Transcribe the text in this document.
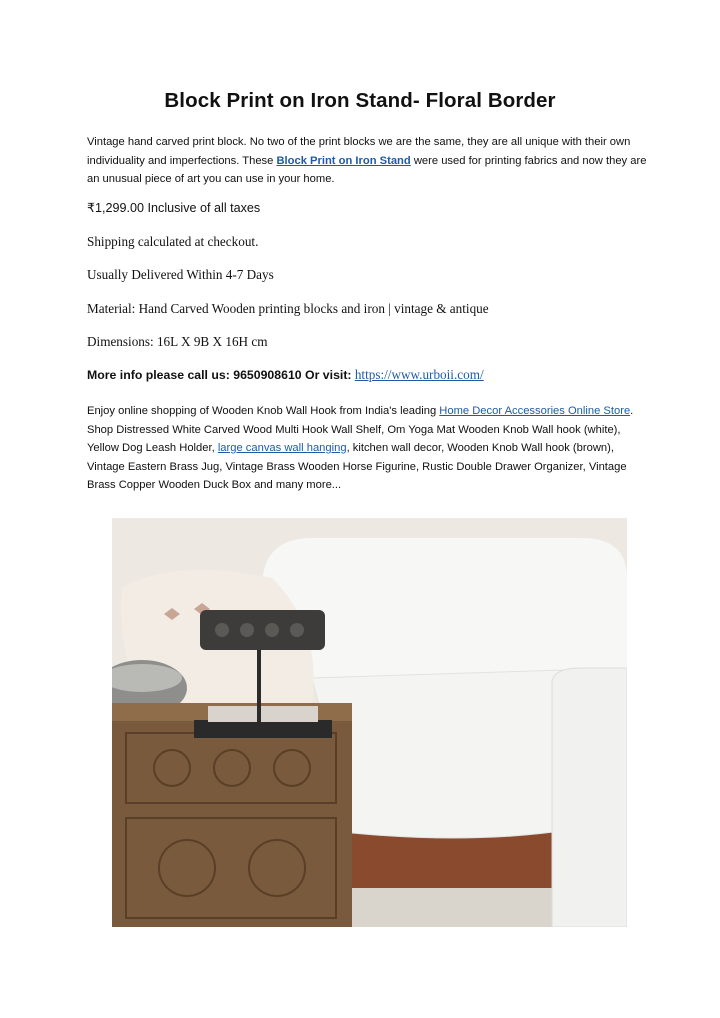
Block Print on Iron Stand- Floral Border
Vintage hand carved print block. No two of the print blocks we are the same, they are all unique with their own individuality and imperfections. These Block Print on Iron Stand were used for printing fabrics and now they are an unusual piece of art you can use in your home.
₹1,299.00 Inclusive of all taxes
Shipping calculated at checkout.
Usually Delivered Within 4-7 Days
Material: Hand Carved Wooden printing blocks and iron | vintage & antique
Dimensions: 16L X 9B X 16H cm
More info please call us: 9650908610 Or visit: https://www.urboii.com/
Enjoy online shopping of Wooden Knob Wall Hook from India's leading Home Decor Accessories Online Store. Shop Distressed White Carved Wood Multi Hook Wall Shelf, Om Yoga Mat Wooden Knob Wall hook (white), Yellow Dog Leash Holder, large canvas wall hanging, kitchen wall decor, Wooden Knob Wall hook (brown), Vintage Eastern Brass Jug, Vintage Brass Wooden Horse Figurine, Rustic Double Drawer Organizer, Vintage Brass Copper Wooden Duck Box and many more...
